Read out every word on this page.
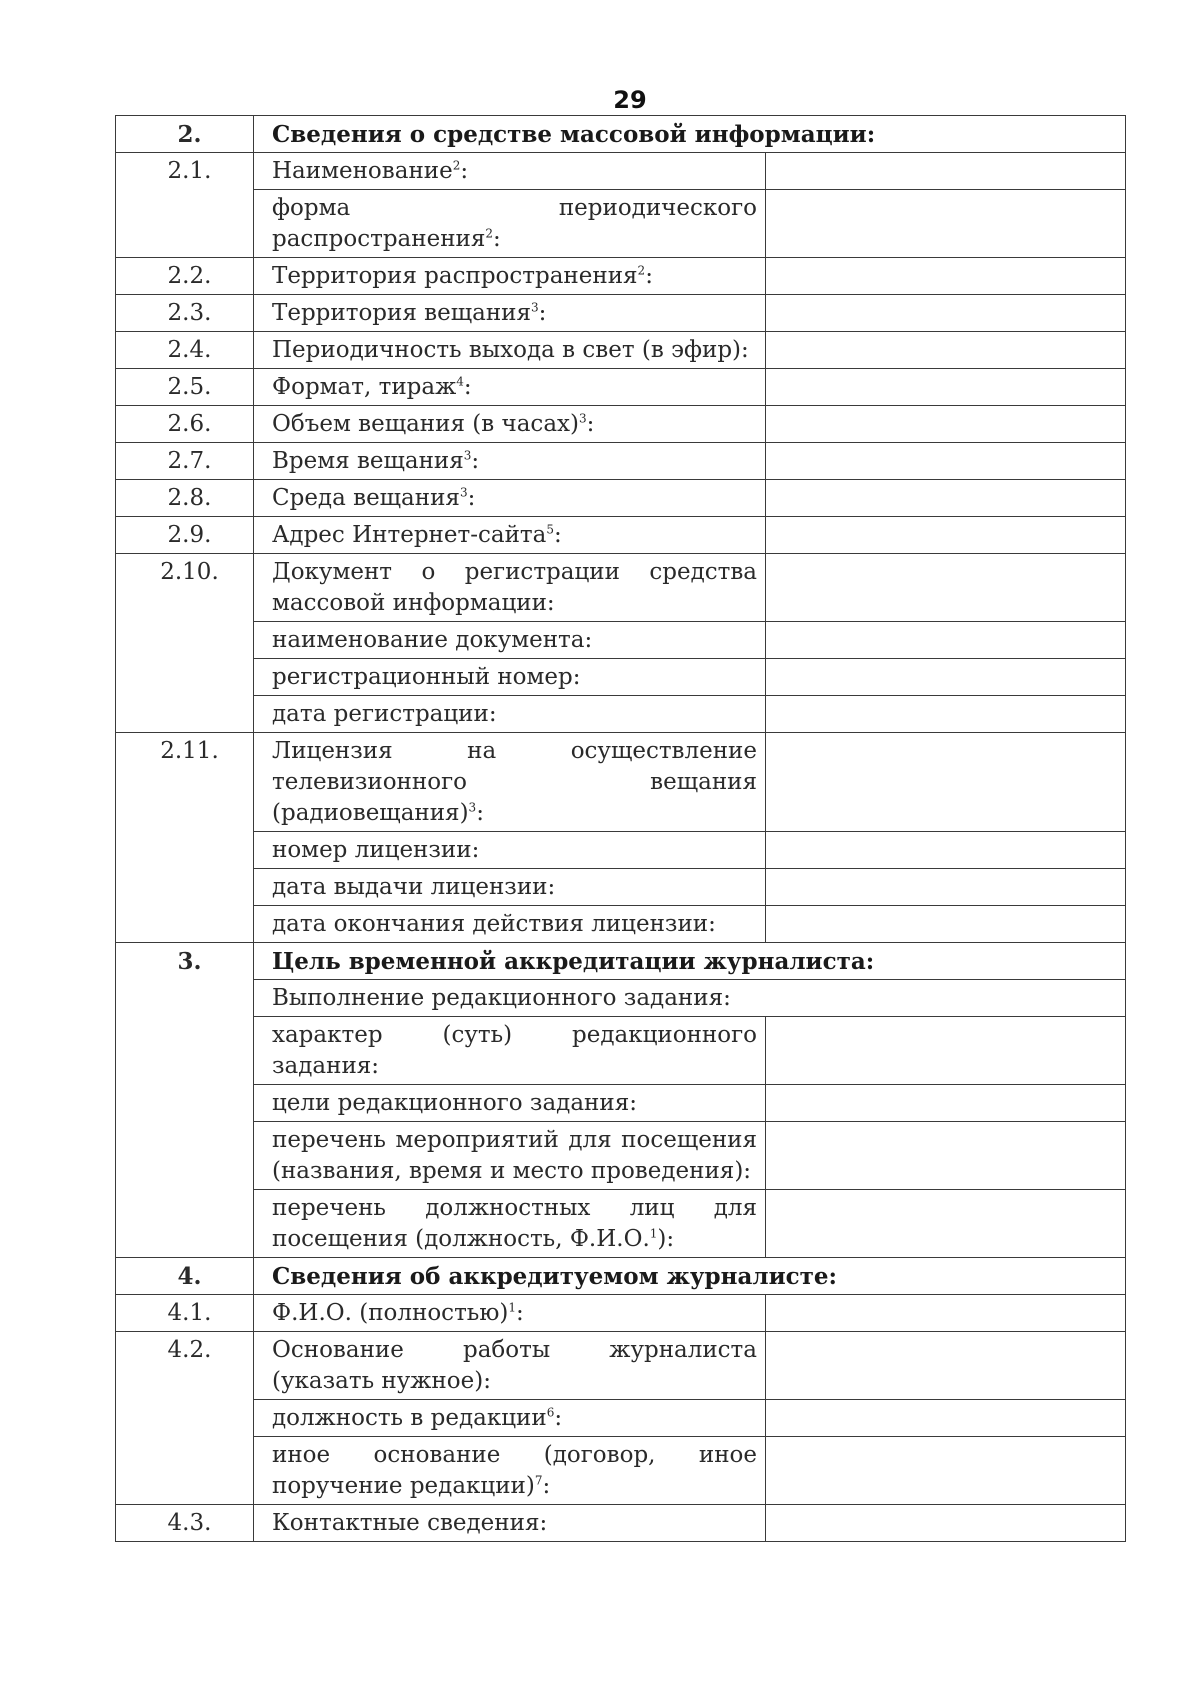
29
2.	Сведения о средстве массовой информации:	
2.1.	Наименование$^2$:	
	форма периодического распространения$^2$:	
2.2.	Территория распространения$^2$:	
2.3.	Территория вещания$^3$:	
2.4.	Периодичность выхода в свет (в эфир):	
2.5.	Формат, тираж$^4$:	
2.6.	Объем вещания (в часах)$^3$:	
2.7.	Время вещания$^3$:	
2.8.	Среда вещания$^3$:	
2.9.	Адрес Интернет-сайта$^5$:	
2.10.	Документ о регистрации средства массовой информации:	
	наименование документа:	
	регистрационный номер:	
	дата регистрации:	
2.11.	Лицензия на осуществление телевизионного вещания (радиовещания)$^3$:	
	номер лицензии:	
	дата выдачи лицензии:	
	дата окончания действия лицензии:	
3.	Цель временной аккредитации журналиста:	
	Выполнение редакционного задания:	
	характер (суть) редакционного задания:	
	цели редакционного задания:	
	перечень мероприятий для посещения (названия, время и место проведения):	
	перечень должностных лиц для посещения (должность, Ф.И.О.$^1$):	
4.	Сведения об аккредитуемом журналисте:	
4.1.	Ф.И.О. (полностью)$^1$:	
4.2.	Основание работы журналиста (указать нужное):	
	должность в редакции$^6$:	
	иное основание (договор, иное поручение редакции)$^7$:	
4.3.	Контактные сведения:	
